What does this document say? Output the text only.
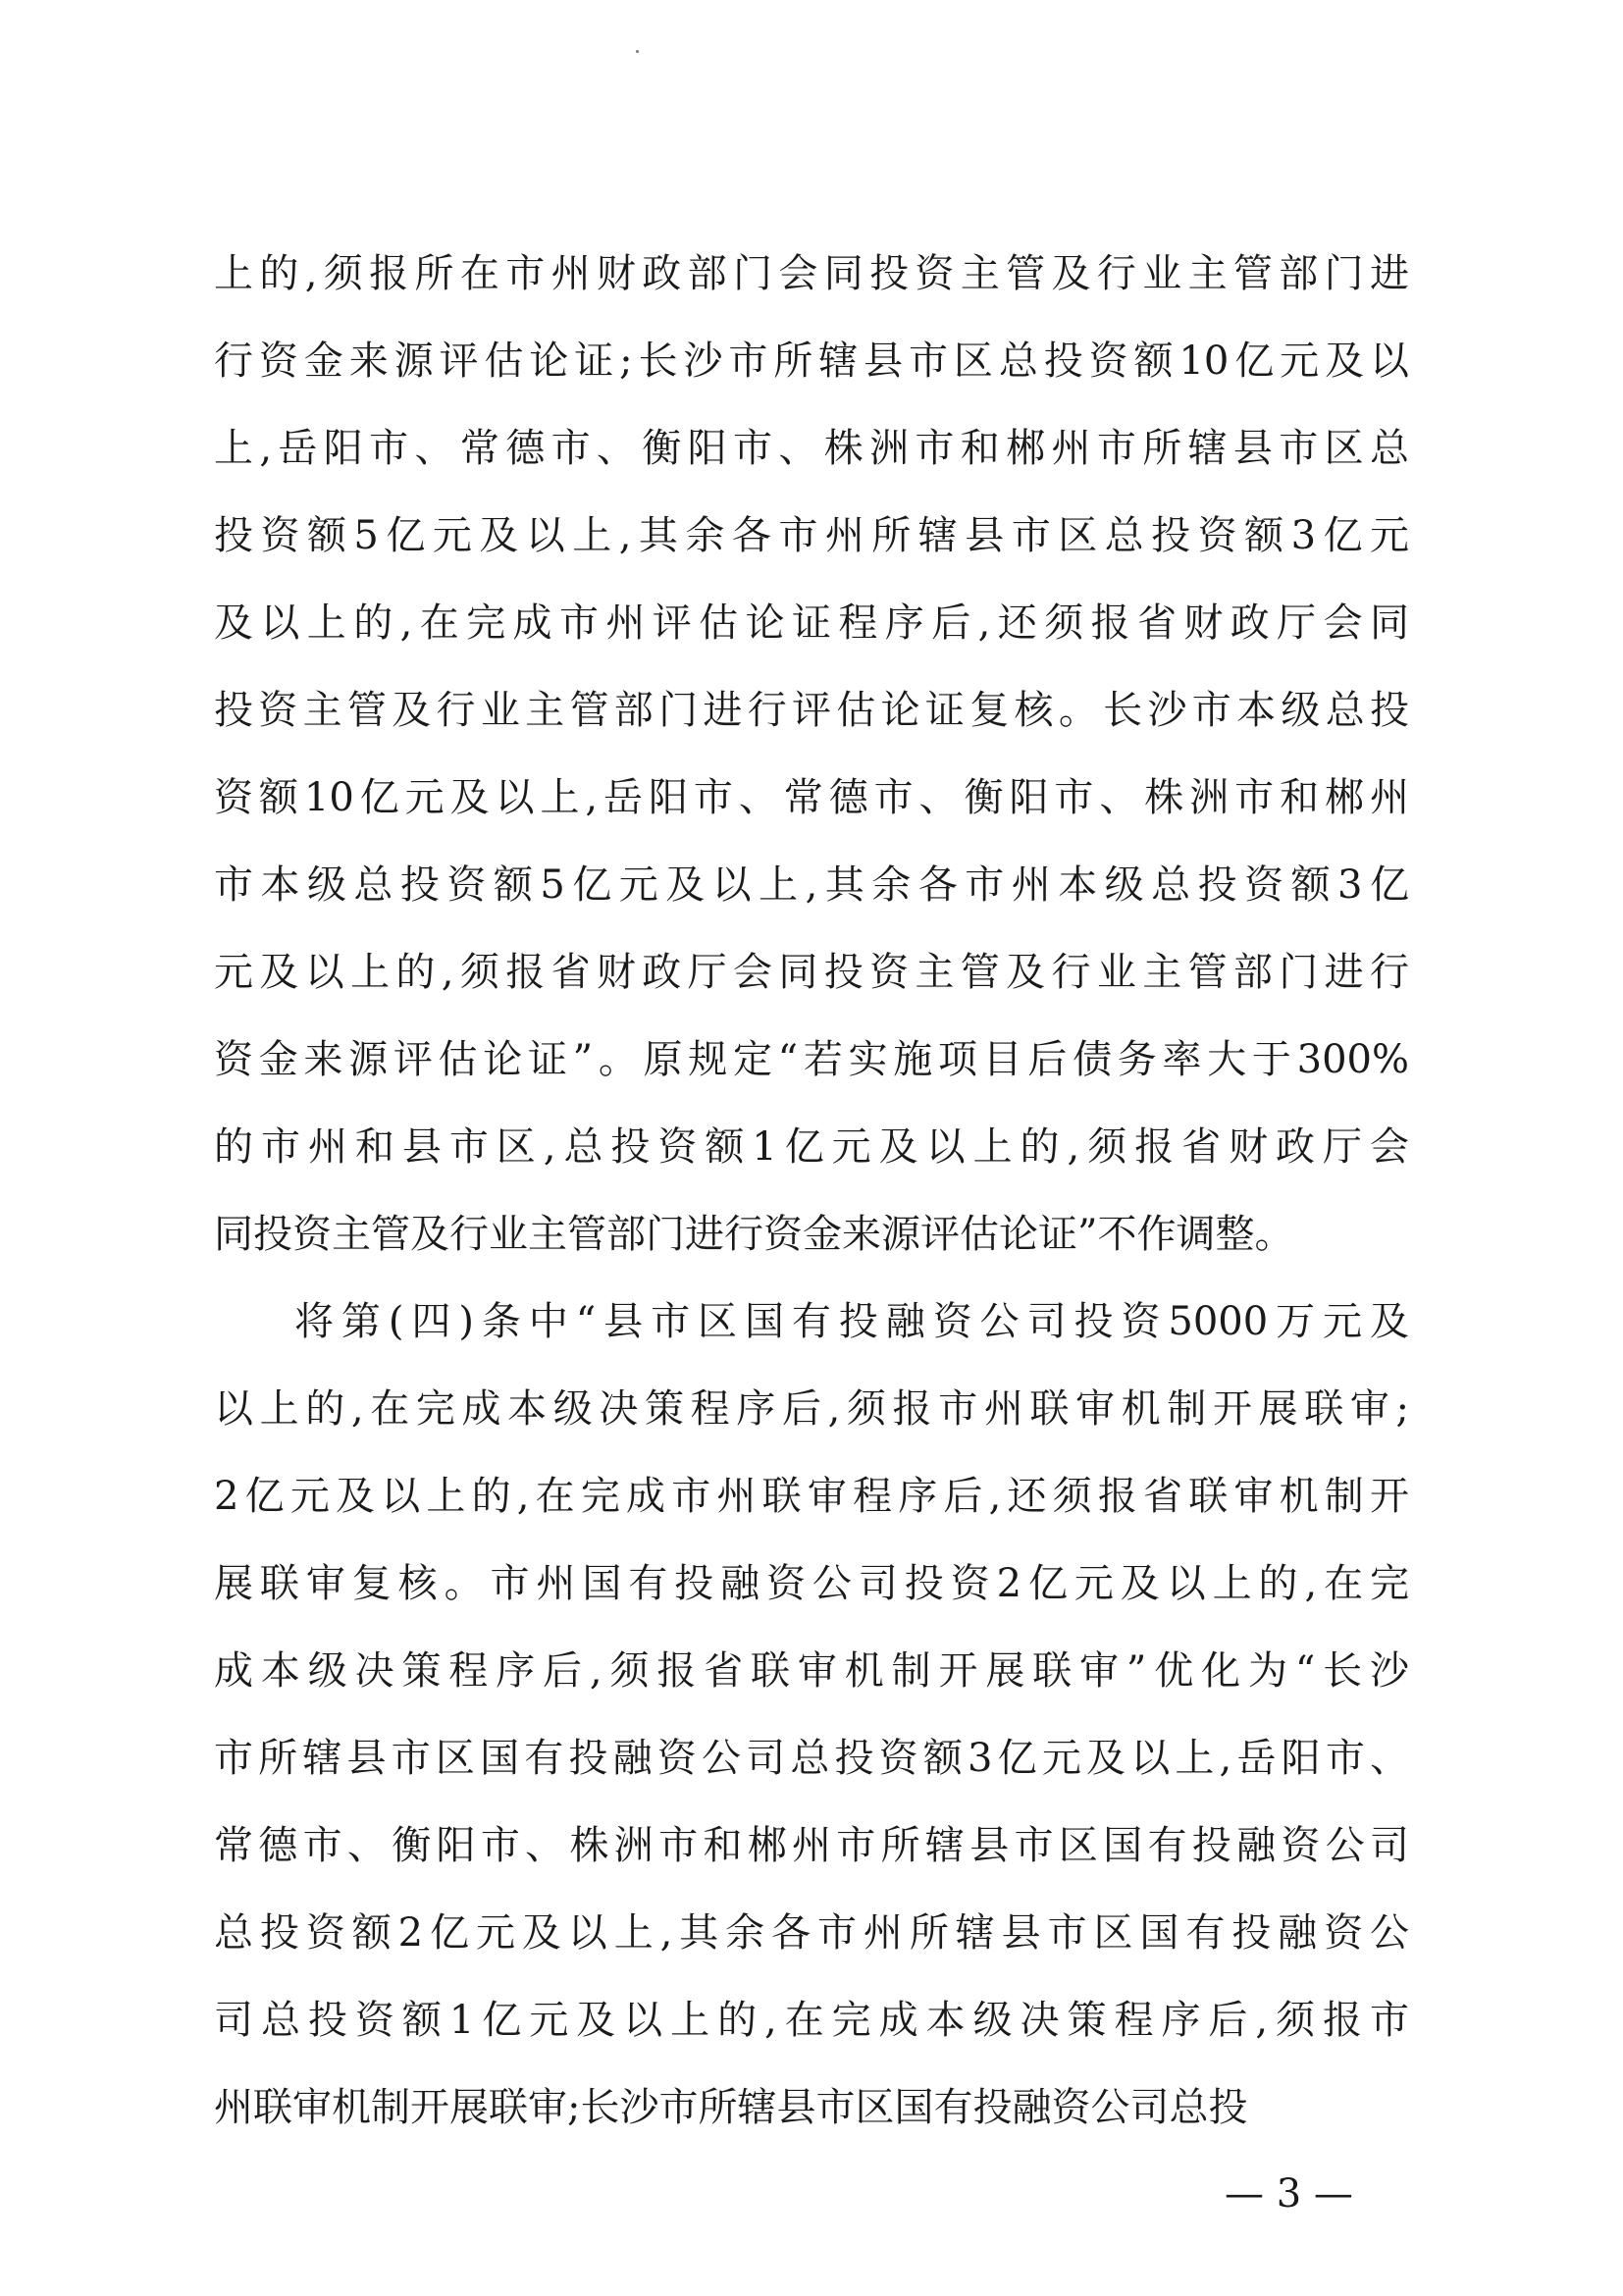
上的,须报所在市州财政部门会同投资主管及行业主管部门进
行资金来源评估论证;长沙市所辖县市区总投资额10亿元及以
上,岳阳市、常德市、衡阳市、株洲市和郴州市所辖县市区总
投资额5亿元及以上,其余各市州所辖县市区总投资额3亿元
及以上的,在完成市州评估论证程序后,还须报省财政厅会同
投资主管及行业主管部门进行评估论证复核。长沙市本级总投
资额10亿元及以上,岳阳市、常德市、衡阳市、株洲市和郴州
市本级总投资额5亿元及以上,其余各市州本级总投资额3亿
元及以上的,须报省财政厅会同投资主管及行业主管部门进行
资金来源评估论证”。原规定“若实施项目后债务率大于300%
的市州和县市区,总投资额1亿元及以上的,须报省财政厅会
同投资主管及行业主管部门进行资金来源评估论证”不作调整。
将第(四)条中“县市区国有投融资公司投资5000万元及
以上的,在完成本级决策程序后,须报市州联审机制开展联审;
2亿元及以上的,在完成市州联审程序后,还须报省联审机制开
展联审复核。市州国有投融资公司投资2亿元及以上的,在完
成本级决策程序后,须报省联审机制开展联审”优化为“长沙
市所辖县市区国有投融资公司总投资额3亿元及以上,岳阳市、
常德市、衡阳市、株洲市和郴州市所辖县市区国有投融资公司
总投资额2亿元及以上,其余各市州所辖县市区国有投融资公
司总投资额1亿元及以上的,在完成本级决策程序后,须报市
州联审机制开展联审;长沙市所辖县市区国有投融资公司总投
— 3 —
